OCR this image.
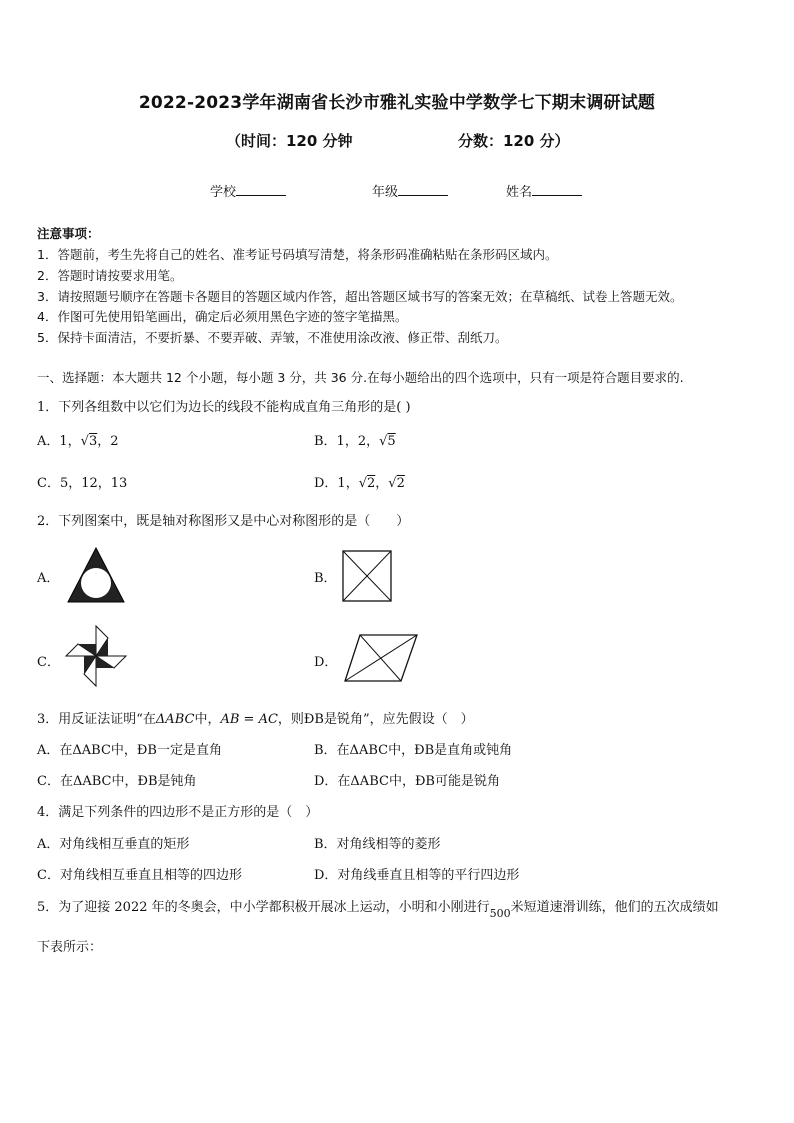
2022-2023学年湖南省长沙市雅礼实验中学数学七下期末调研试题
（时间：120 分钟	分数：120 分）
学校	年级	姓名
注意事项：
1．答题前，考生先将自己的姓名、准考证号码填写清楚，将条形码准确粘贴在条形码区域内。
2．答题时请按要求用笔。
3．请按照题号顺序在答题卡各题目的答题区域内作答，超出答题区域书写的答案无效；在草稿纸、试卷上答题无效。
4．作图可先使用铅笔画出，确定后必须用黑色字迹的签字笔描黑。
5．保持卡面清洁，不要折暴、不要弄破、弄皱，不准使用涂改液、修正带、刮纸刀。
一、选择题：本大题共 12 个小题，每小题 3 分，共 36 分.在每小题给出的四个选项中，只有一项是符合题目要求的.
1．下列各组数中以它们为边长的线段不能构成直角三角形的是( )
A．1，√3，2	B．1，2，√5
C．5，12，13	D．1，√2，√2
2．下列图案中，既是轴对称图形又是中心对称图形的是（　　）
A．	B．
C．	D．
3．用反证法证明“在ΔABC中，AB = AC，则ÐB是锐角”，应先假设（　）
A．在ΔABC中，ÐB一定是直角	B．在ΔABC中，ÐB是直角或钝角
C．在ΔABC中，ÐB是钝角	D．在ΔABC中，ÐB可能是锐角
4．满足下列条件的四边形不是正方形的是（　）
A．对角线相互垂直的矩形	B．对角线相等的菱形
C．对角线相互垂直且相等的四边形	D．对角线垂直且相等的平行四边形
5．为了迎接 2022 年的冬奥会，中小学都积极开展冰上运动，小明和小刚进行$_{500}$米短道速滑训练，他们的五次成绩如
下表所示：
